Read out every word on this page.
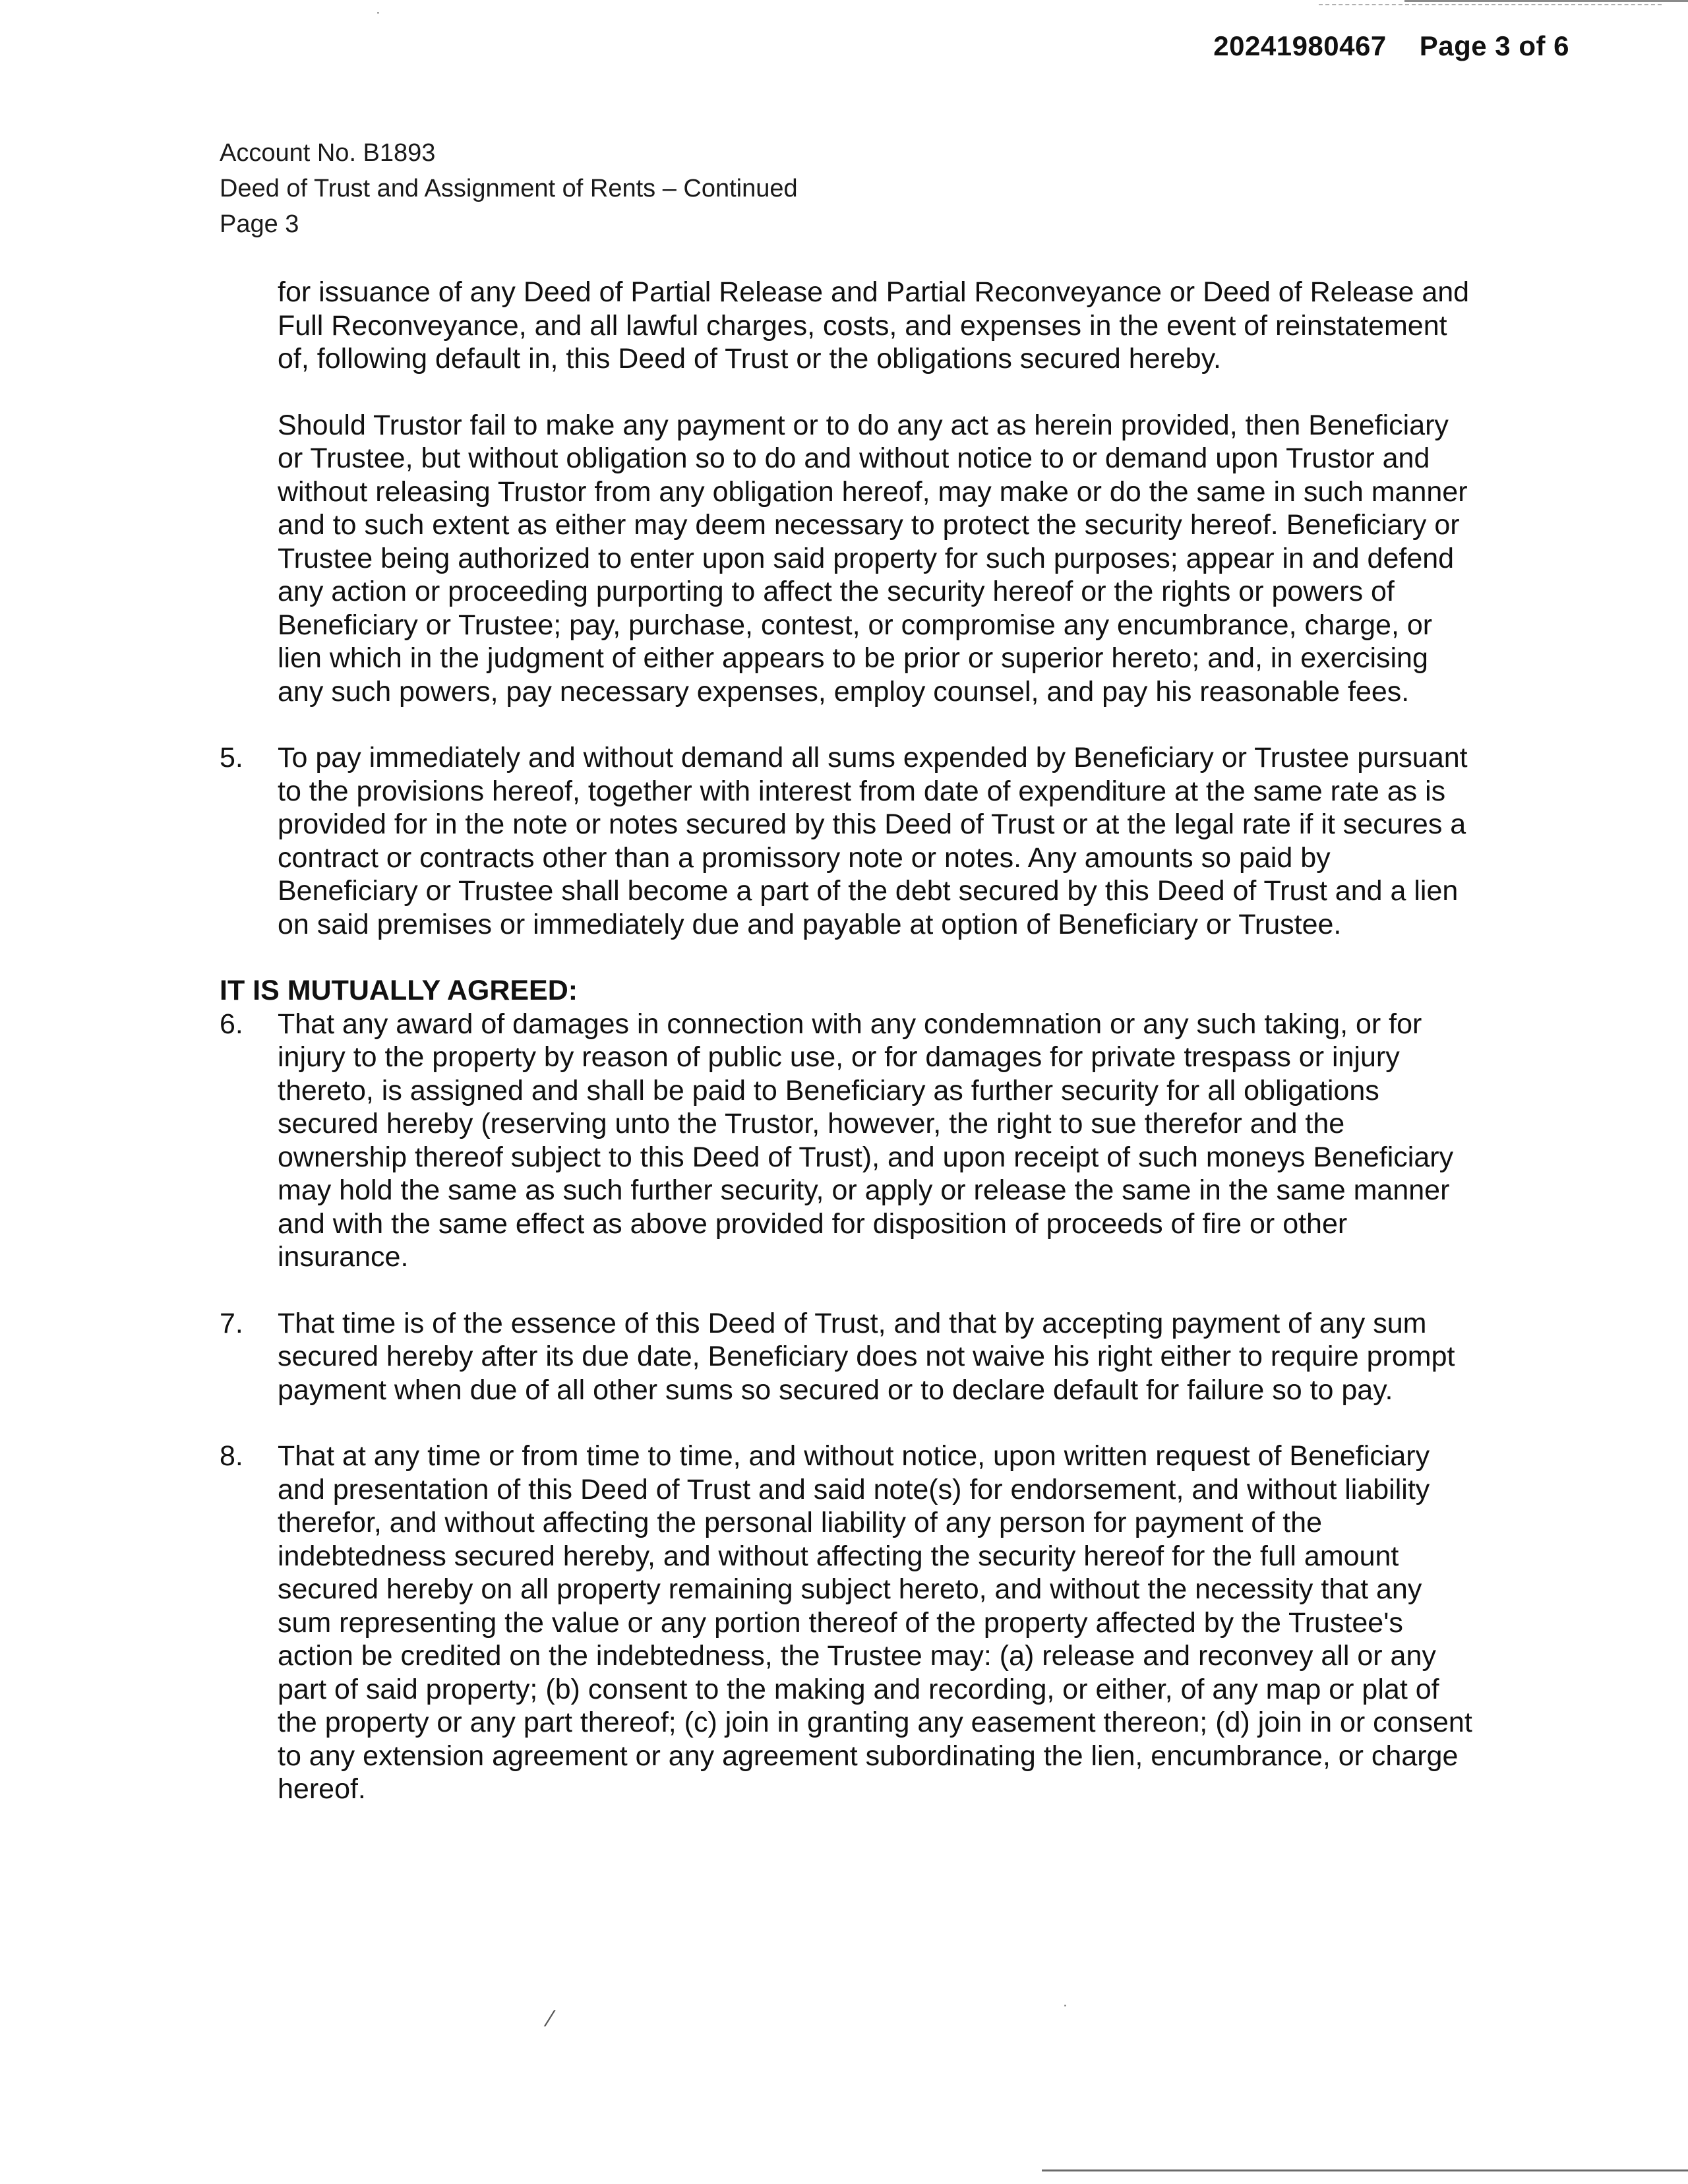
20241980467 Page 3 of 6
Account No. B1893
Deed of Trust and Assignment of Rents – Continued
Page 3

for issuance of any Deed of Partial Release and Partial Reconveyance or Deed of Release and Full Reconveyance, and all lawful charges, costs, and expenses in the event of reinstatement of, following default in, this Deed of Trust or the obligations secured hereby.

Should Trustor fail to make any payment or to do any act as herein provided, then Beneficiary or Trustee, but without obligation so to do and without notice to or demand upon Trustor and without releasing Trustor from any obligation hereof, may make or do the same in such manner and to such extent as either may deem necessary to protect the security hereof. Beneficiary or Trustee being authorized to enter upon said property for such purposes; appear in and defend any action or proceeding purporting to affect the security hereof or the rights or powers of Beneficiary or Trustee; pay, purchase, contest, or compromise any encumbrance, charge, or lien which in the judgment of either appears to be prior or superior hereto; and, in exercising any such powers, pay necessary expenses, employ counsel, and pay his reasonable fees.

5. To pay immediately and without demand all sums expended by Beneficiary or Trustee pursuant to the provisions hereof, together with interest from date of expenditure at the same rate as is provided for in the note or notes secured by this Deed of Trust or at the legal rate if it secures a contract or contracts other than a promissory note or notes. Any amounts so paid by Beneficiary or Trustee shall become a part of the debt secured by this Deed of Trust and a lien on said premises or immediately due and payable at option of Beneficiary or Trustee.

IT IS MUTUALLY AGREED:

6. That any award of damages in connection with any condemnation or any such taking, or for injury to the property by reason of public use, or for damages for private trespass or injury thereto, is assigned and shall be paid to Beneficiary as further security for all obligations secured hereby (reserving unto the Trustor, however, the right to sue therefor and the ownership thereof subject to this Deed of Trust), and upon receipt of such moneys Beneficiary may hold the same as such further security, or apply or release the same in the same manner and with the same effect as above provided for disposition of proceeds of fire or other insurance.
7. That time is of the essence of this Deed of Trust, and that by accepting payment of any sum secured hereby after its due date, Beneficiary does not waive his right either to require prompt payment when due of all other sums so secured or to declare default for failure so to pay.
8. That at any time or from time to time, and without notice, upon written request of Beneficiary and presentation of this Deed of Trust and said note(s) for endorsement, and without liability therefor, and without affecting the personal liability of any person for payment of the indebtedness secured hereby, and without affecting the security hereof for the full amount secured hereby on all property remaining subject hereto, and without the necessity that any sum representing the value or any portion thereof of the property affected by the Trustee's action be credited on the indebtedness, the Trustee may: (a) release and reconvey all or any part of said property; (b) consent to the making and recording, or either, of any map or plat of the property or any part thereof; (c) join in granting any easement thereon; (d) join in or consent to any extension agreement or any agreement subordinating the lien, encumbrance, or charge hereof.
∕	·
·
